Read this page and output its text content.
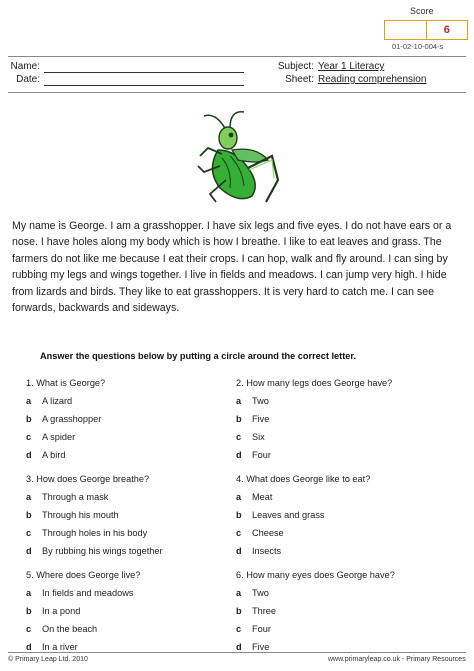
Score
6
01-02-10-004-s
Name:
Date:
Subject: Year 1 Literacy
Sheet: Reading comprehension
My name is George. I am a grasshopper. I have six legs and five eyes. I do not have ears or a nose. I have holes along my body which is how I breathe. I like to eat leaves and grass. The farmers do not like me because I eat their crops. I can hop, walk and fly around. I can sing by rubbing my legs and wings together. I live in fields and meadows. I can jump very high. I hide from lizards and birds. They like to eat grasshoppers. It is very hard to catch me. I can see forwards, backwards and sideways.
Answer the questions below by putting a circle around the correct letter.
1. What is George?
a	A lizard
b	A grasshopper
c	A spider
d	A bird
2. How many legs does George have?
a	Two
b	Five
c	Six
d	Four
3. How does George breathe?
a	Through a mask
b	Through his mouth
c	Through holes in his body
d	By rubbing his wings together
4. What does George like to eat?
a	Meat
b	Leaves and grass
c	Cheese
d	Insects
5. Where does George live?
a	In fields and meadows
b	In a pond
c	On the beach
d	In a river
6. How many eyes does George have?
a	Two
b	Three
c	Four
d	Five
© Primary Leap Ltd. 2010	www.primaryleap.co.uk - Primary Resources
